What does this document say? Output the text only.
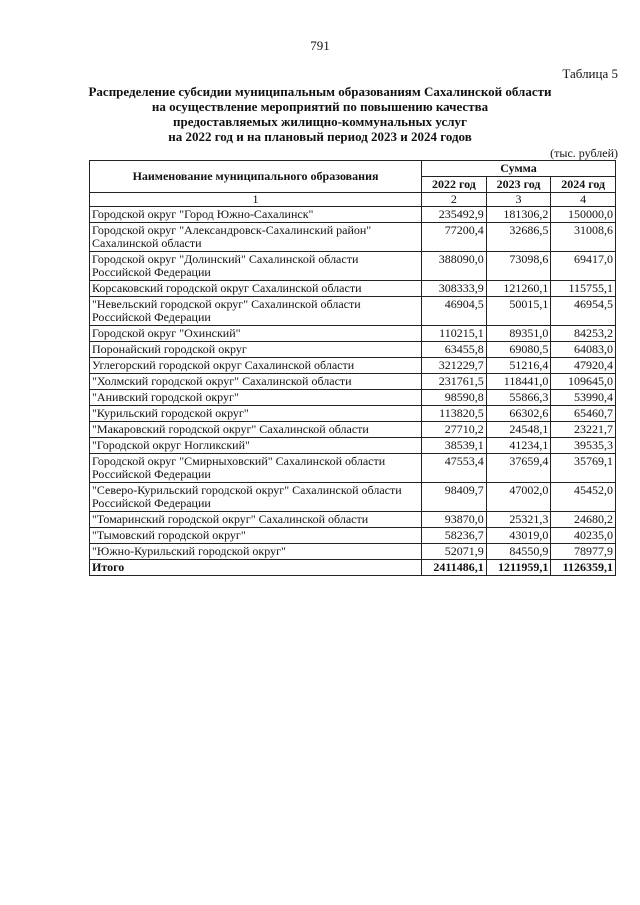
791
Таблица 5
Распределение субсидии муниципальным образованиям Сахалинской области
на осуществление мероприятий по повышению качества
предоставляемых жилищно-коммунальных услуг
на 2022 год и на плановый период 2023 и 2024 годов
(тыс. рублей)
Наименование муниципального образования	Сумма		
	2022 год	2023 год	2024 год
1	2	3	4
Городской округ "Город Южно-Сахалинск"	235492,9	181306,2	150000,0
Городской округ "Александровск-Сахалинский район" Сахалинской области	77200,4	32686,5	31008,6
Городской округ "Долинский" Сахалинской области Российской Федерации	388090,0	73098,6	69417,0
Корсаковский городской округ Сахалинской области	308333,9	121260,1	115755,1
"Невельский городской округ" Сахалинской области Российской Федерации	46904,5	50015,1	46954,5
Городской округ "Охинский"	110215,1	89351,0	84253,2
Поронайский городской округ	63455,8	69080,5	64083,0
Углегорский городской округ Сахалинской области	321229,7	51216,4	47920,4
"Холмский городской округ" Сахалинской области	231761,5	118441,0	109645,0
"Анивский городской округ"	98590,8	55866,3	53990,4
"Курильский городской округ"	113820,5	66302,6	65460,7
"Макаровский городской округ" Сахалинской области	27710,2	24548,1	23221,7
"Городской округ Ногликский"	38539,1	41234,1	39535,3
Городской округ "Смирныховский" Сахалинской области Российской Федерации	47553,4	37659,4	35769,1
"Северо-Курильский городской округ" Сахалинской области Российской Федерации	98409,7	47002,0	45452,0
"Томаринский городской округ" Сахалинской области	93870,0	25321,3	24680,2
"Тымовский городской округ"	58236,7	43019,0	40235,0
"Южно-Курильский городской округ"	52071,9	84550,9	78977,9
Итого	2411486,1	1211959,1	1126359,1
